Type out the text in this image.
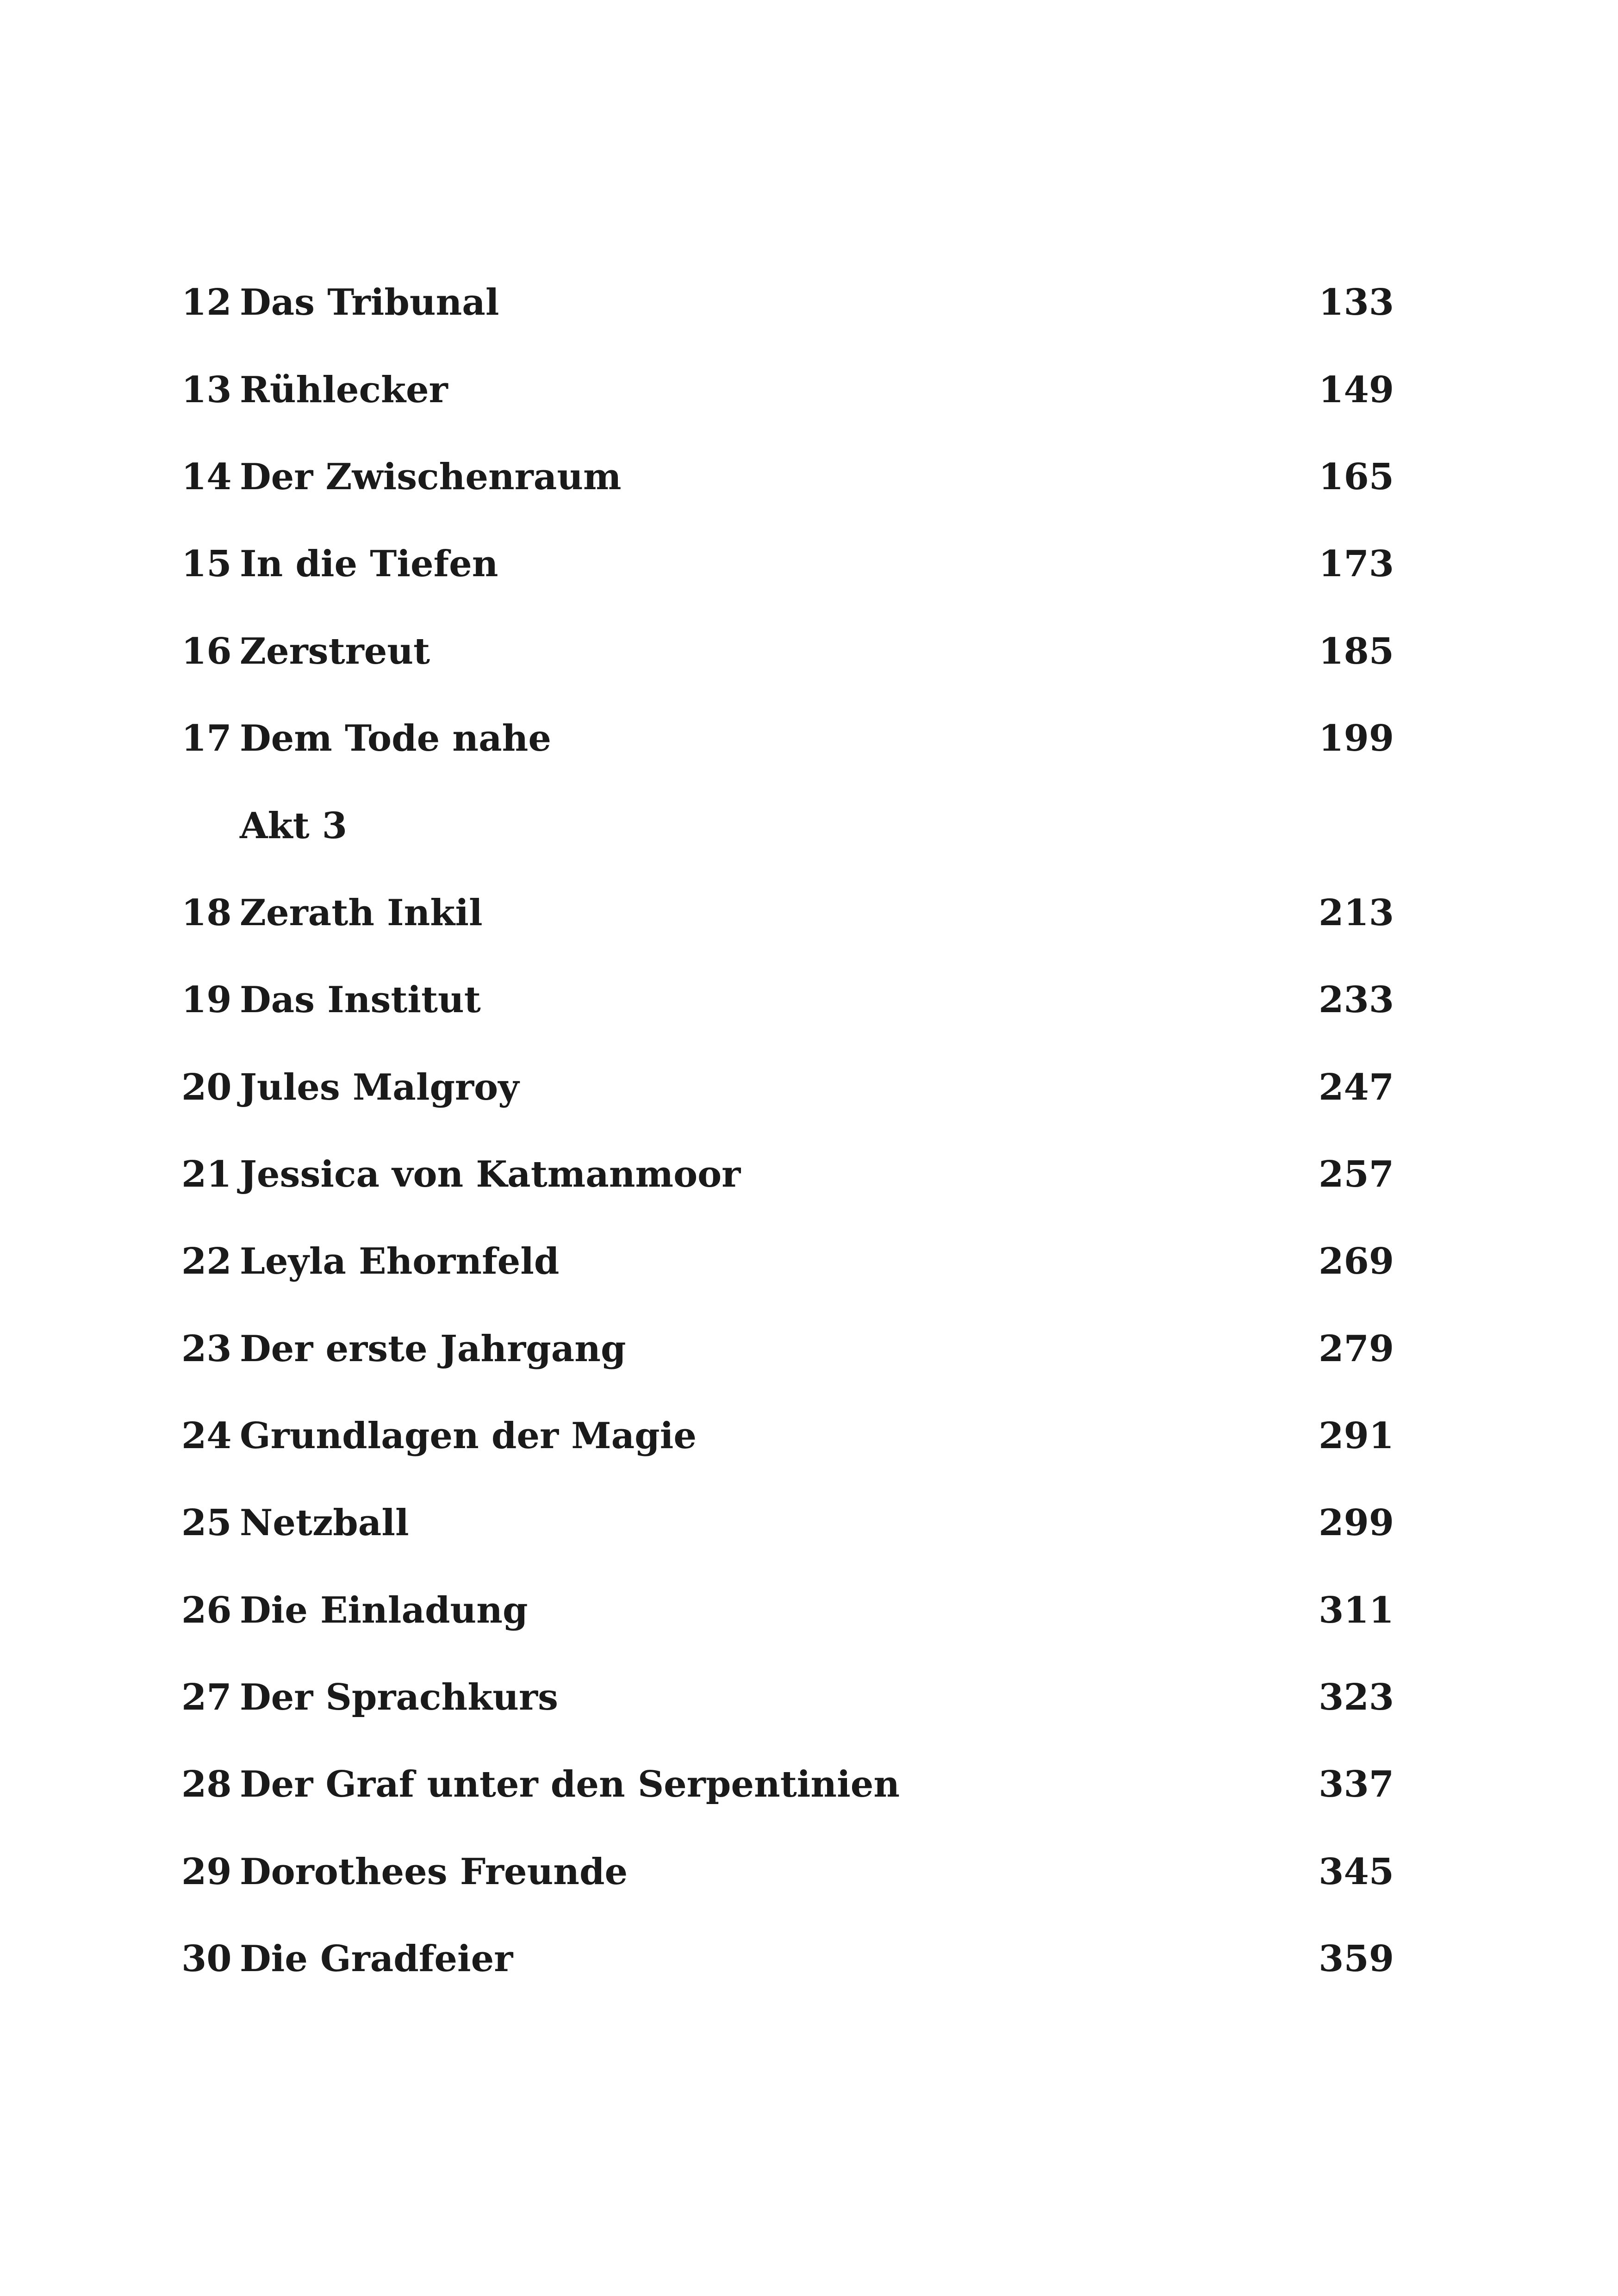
12 Das Tribunal	133
13 Rühlecker	149
14 Der Zwischenraum	165
15 In die Tiefen	173
16 Zerstreut	185
17 Dem Tode nahe	199
Akt 3
18 Zerath Inkil	213
19 Das Institut	233
20 Jules Malgroy	247
21 Jessica von Katmanmoor	257
22 Leyla Ehornfeld	269
23 Der erste Jahrgang	279
24 Grundlagen der Magie	291
25 Netzball	299
26 Die Einladung	311
27 Der Sprachkurs	323
28 Der Graf unter den Serpentinien	337
29 Dorothees Freunde	345
30 Die Gradfeier	359
